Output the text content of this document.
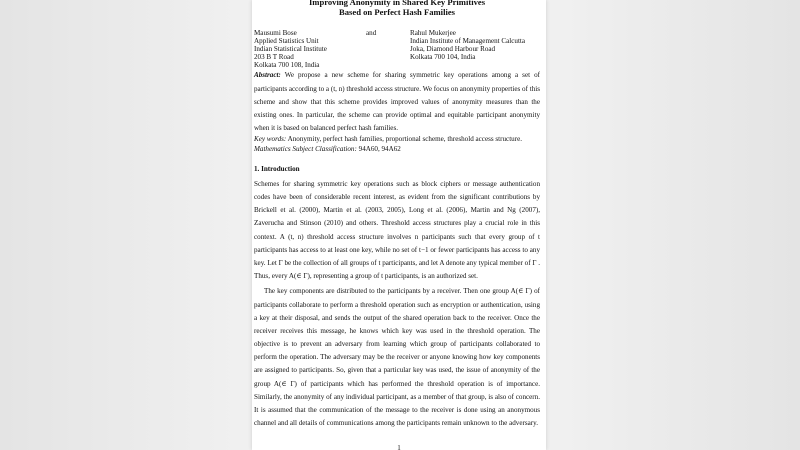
Improving Anonymity in Shared Key Primitives
Based on Perfect Hash Families
Mausumi Bose
Applied Statistics Unit
Indian Statistical Institute
203 B T Road
Kolkata 700 108, India
and	Rahul Mukerjee
Indian Institute of Management Calcutta
Joka, Diamond Harbour Road
Kolkata 700 104, India

Abstract: We propose a new scheme for sharing symmetric key operations among a set of participants according to a (t, n) threshold access structure. We focus on anonymity properties of this scheme and show that this scheme provides improved values of anonymity measures than the existing ones. In particular, the scheme can provide optimal and equitable participant anonymity when it is based on balanced perfect hash families.

Key words: Anonymity, perfect hash families, proportional scheme, threshold access structure.
Mathematics Subject Classification: 94A60, 94A62
1. Introduction

Schemes for sharing symmetric key operations such as block ciphers or message authentication codes have been of considerable recent interest, as evident from the significant contributions by Brickell et al. (2000), Martin et al. (2003, 2005), Long et al. (2006), Martin and Ng (2007), Zaverucha and Stinson (2010) and others. Threshold access structures play a crucial role in this context. A (t, n) threshold access structure involves n participants such that every group of t participants has access to at least one key, while no set of t−1 or fewer participants has access to any key. Let Γ be the collection of all groups of t participants, and let A denote any typical member of Γ . Thus, every A(∈ Γ), representing a group of t participants, is an authorized set.

The key components are distributed to the participants by a receiver. Then one group A(∈ Γ) of participants collaborate to perform a threshold operation such as encryption or authentication, using a key at their disposal, and sends the output of the shared operation back to the receiver. Once the receiver receives this message, he knows which key was used in the threshold operation. The objective is to prevent an adversary from learning which group of participants collaborated to perform the operation. The adversary may be the receiver or anyone knowing how key components are assigned to participants. So, given that a particular key was used, the issue of anonymity of the group A(∈ Γ) of participants which has performed the threshold operation is of importance. Similarly, the anonymity of any individual participant, as a member of that group, is also of concern. It is assumed that the communication of the message to the receiver is done using an anonymous channel and all details of communications among the participants remain unknown to the adversary.

1
